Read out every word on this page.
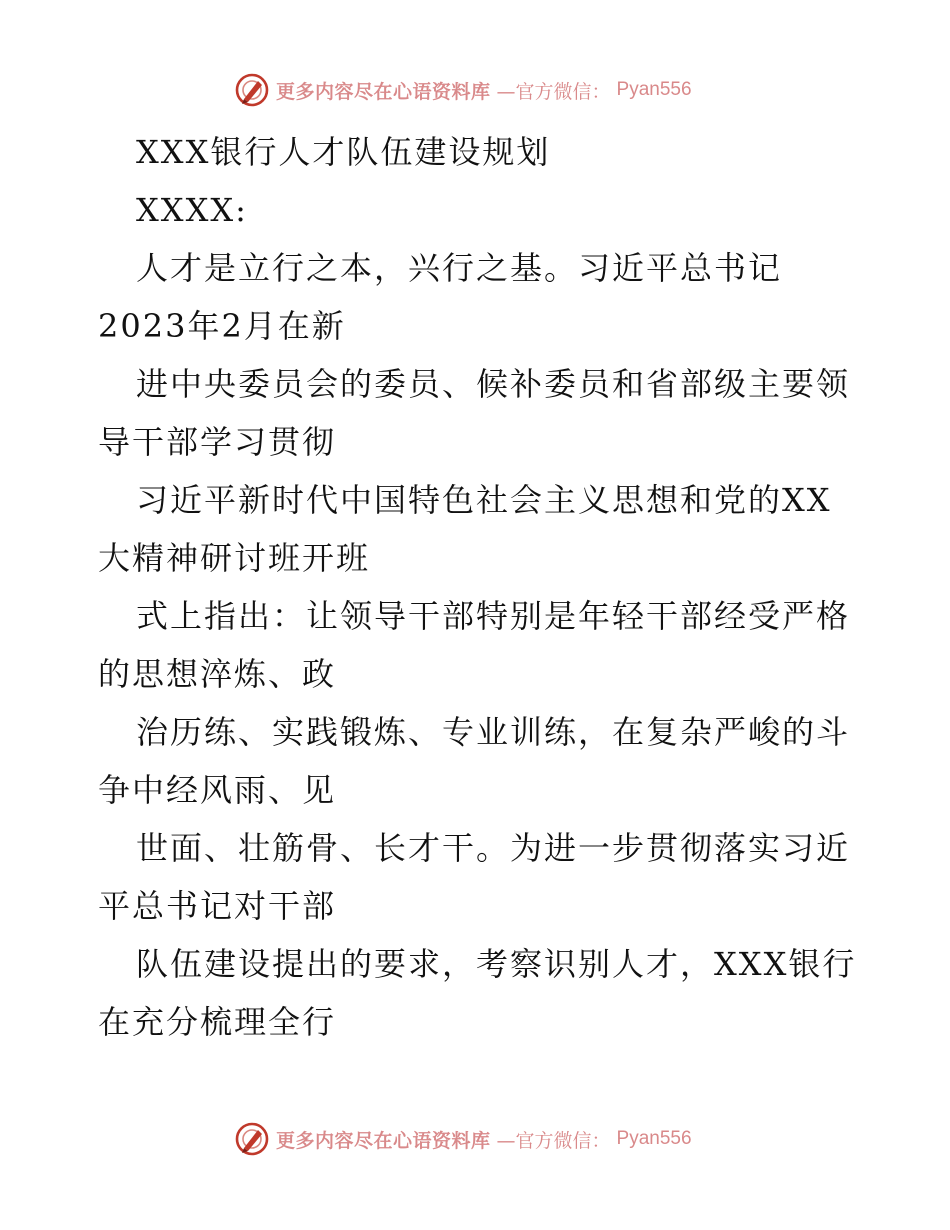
更多内容尽在心语资料库 —官方微信： Pyan556
XXX银行人才队伍建设规划
XXXX:
人才是立行之本，兴行之基。习近平总书记
2023年2月在新
进中央委员会的委员、候补委员和省部级主要领
导干部学习贯彻
习近平新时代中国特色社会主义思想和党的XX
大精神研讨班开班
式上指出：让领导干部特别是年轻干部经受严格
的思想淬炼、政
治历练、实践锻炼、专业训练，在复杂严峻的斗
争中经风雨、见
世面、壮筋骨、长才干。为进一步贯彻落实习近
平总书记对干部
队伍建设提出的要求，考察识别人才，XXX银行
在充分梳理全行
更多内容尽在心语资料库 —官方微信： Pyan556
